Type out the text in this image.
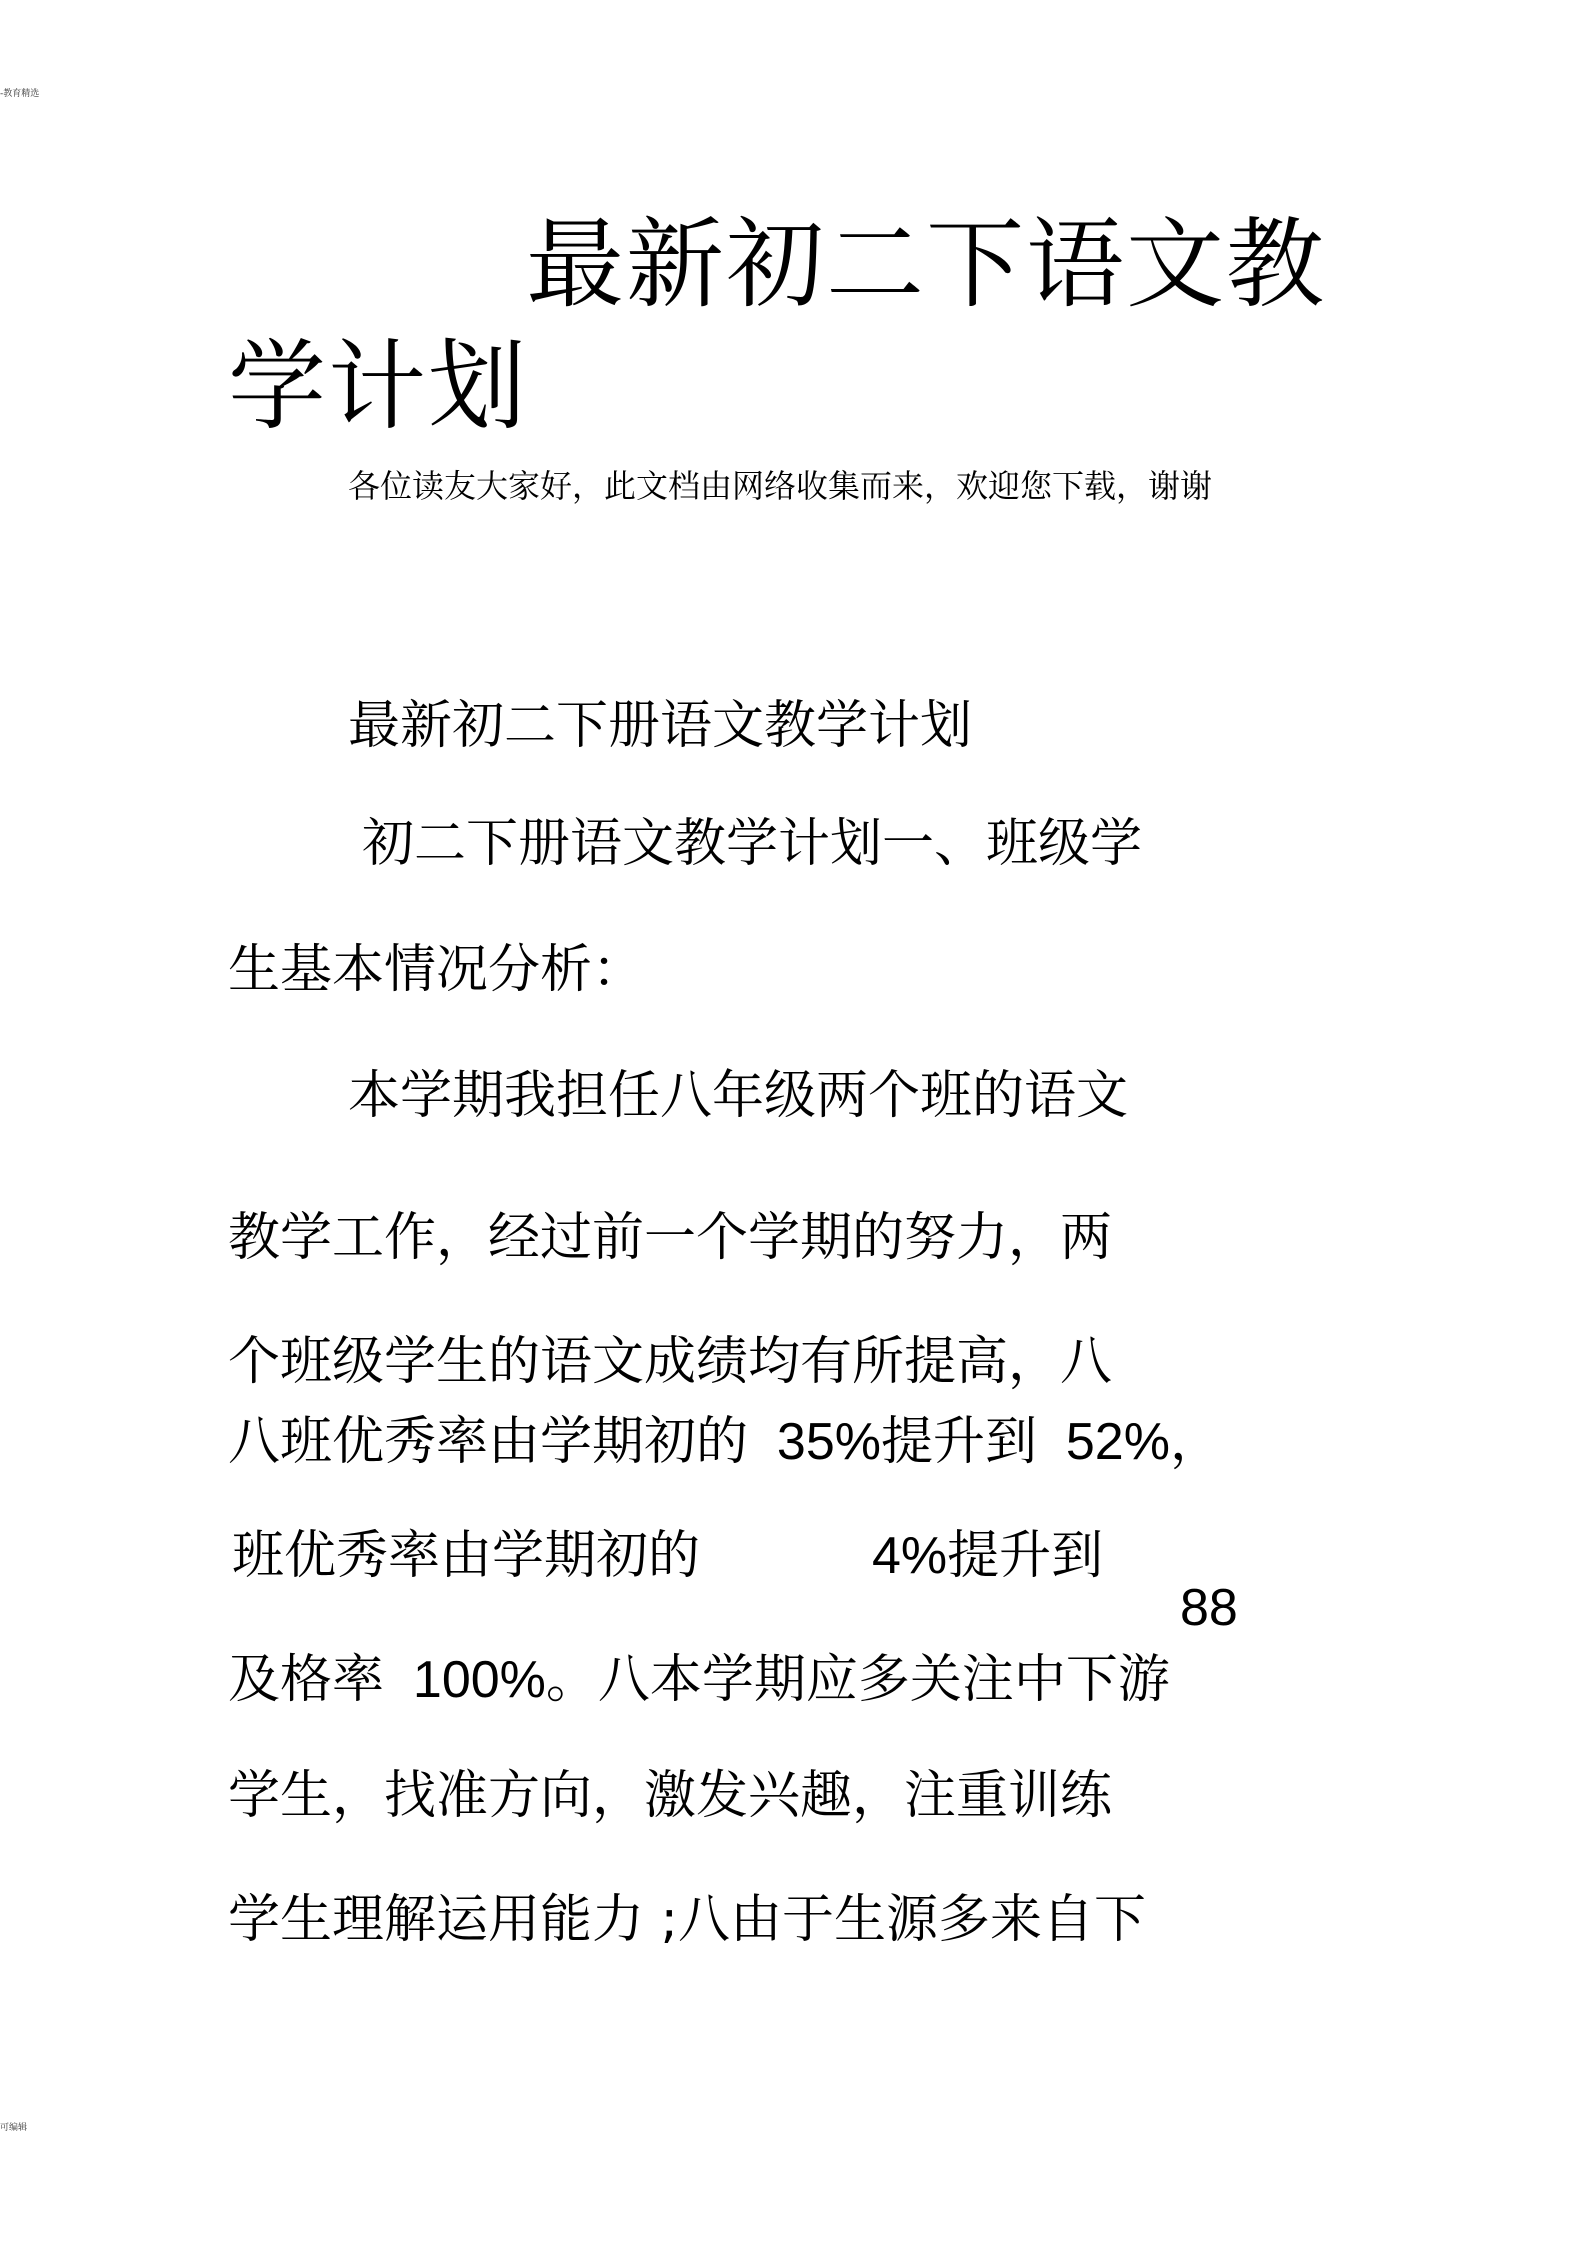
-教育精选
最新初二下语文教
学计划

各位读友大家好，此文档由网络收集而来，欢迎您下载，谢谢

最新初二下册语文教学计划

初二下册语文教学计划一、班级学

生基本情况分析：

本学期我担任八年级两个班的语文

教学工作，经过前一个学期的努力，两

个班级学生的语文成绩均有所提高，八

八班优秀率由学期初的  35%提升到  52%，

班优秀率由学期初的	4%提升到

88

及格率  100%。八本学期应多关注中下游

学生，找准方向，激发兴趣，注重训练

学生理解运用能力 ;八由于生源多来自下

可编辑
